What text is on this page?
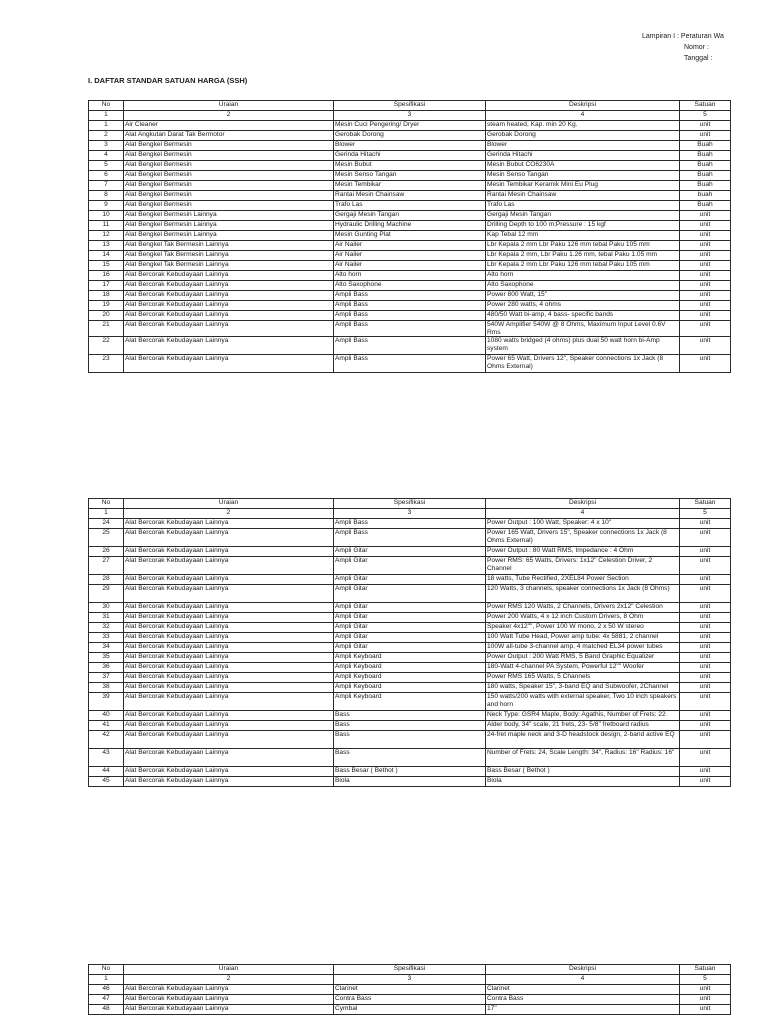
Lampiran I : Peraturan Wa
Nomor :
Tanggal :
I. DAFTAR STANDAR SATUAN HARGA (SSH)
No	Uraian	Spesifikasi	Deskripsi	Satuan
1	2	3	4	5
1	Air Cleaner	Mesin Cuci Pengering/ Dryer	steam heated, Kap. min 20 Kg.	unit
2	Alat Angkutan Darat Tak Bermotor	Gerobak Dorong	Gerobak Dorong	unit
3	Alat Bengkel Bermesin	Blower	Blower	Buah
4	Alat Bengkel Bermesin	Gerinda Hitachi	Gerinda Hitachi	Buah
5	Alat Bengkel Bermesin	Mesin Bubut	Mesin Bubut CO6230A	Buah
6	Alat Bengkel Bermesin	Mesin Senso Tangan	Mesin Senso Tangan	Buah
7	Alat Bengkel Bermesin	Mesin Tembikar	Mesin Tembikar Keramik Mini Eu Plug	Buah
8	Alat Bengkel Bermesin	Rantai Mesin Chainsaw	Rantai Mesin Chainsaw	buah
9	Alat Bengkel Bermesin	Trafo Las	Trafo Las	Buah
10	Alat Bengkel Bermesin Lainnya	Gergaji Mesin Tangan	Gergaji Mesin Tangan	unit
11	Alat Bengkel Bermesin Lainnya	Hydraulic Drilling Machine	Drilling Depth to 100 m;Pressure : 15 kgf	unit
12	Alat Bengkel Bermesin Lainnya	Mesin Gunting Plat	Kap Tebal 12 mm	unit
13	Alat Bengkel Tak Bermesin Lainnya	Air Nailer	Lbr Kepala 2 mm Lbr Paku 126 mm tebal Paku 105 mm	unit
14	Alat Bengkel Tak Bermesin Lainnya	Air Nailer	Lbr Kepala 2 mm, Lbr Paku 1.26 mm, tebal Paku 1.05 mm	unit
15	Alat Bengkel Tak Bermesin Lainnya	Air Nailer	Lbr Kepala 2 mm Lbr Paku 126 mm tebal Paku 105 mm	unit
16	Alat Bercorak Kebudayaan Lainnya	Alto horn	Alto horn	unit
17	Alat Bercorak Kebudayaan Lainnya	Alto Saxophone	Alto Saxophone	unit
18	Alat Bercorak Kebudayaan Lainnya	Ampli Bass	Power 800 Watt, 15"	unit
19	Alat Bercorak Kebudayaan Lainnya	Ampli Bass	Power 280 watts, 4 ohms	unit
20	Alat Bercorak Kebudayaan Lainnya	Ampli Bass	480/50 Watt bi-amp, 4 bass- specific bands	unit
21	Alat Bercorak Kebudayaan Lainnya	Ampli Bass	540W Amplifier 540W @ 8 Ohms, Maximum Input Level 0.6V Rms	unit
22	Alat Bercorak Kebudayaan Lainnya	Ampli Bass	1080 watts bridged (4 ohms) plus dual 50 watt horn bi-Amp system	unit
23	Alat Bercorak Kebudayaan Lainnya	Ampli Bass	Power 65 Watt, Drivers 12", Speaker connections 1x Jack (8 Ohms External)	unit
No	Uraian	Spesifikasi	Deskripsi	Satuan
1	2	3	4	5
24	Alat Bercorak Kebudayaan Lainnya	Ampli Bass	Power Output : 100 Watt, Speaker: 4 x 10"	unit
25	Alat Bercorak Kebudayaan Lainnya	Ampli Bass	Power 165 Watt, Drivers 15", Speaker connections 1x Jack (8 Ohms External)	unit
26	Alat Bercorak Kebudayaan Lainnya	Ampli Gitar	Power Output : 80 Watt RMS, Impedance : 4 Ohm	unit
27	Alat Bercorak Kebudayaan Lainnya	Ampli Gitar	Power RMS: 65 Watts, Drivers: 1x12" Celestion Driver, 2 Channel	unit
28	Alat Bercorak Kebudayaan Lainnya	Ampli Gitar	18 watts, Tube Rectified, 2XEL84 Power Section	unit
29	Alat Bercorak Kebudayaan Lainnya	Ampli Gitar	120 Watts, 3 channels, speaker connections 1x Jack (8 Ohms)	unit
30	Alat Bercorak Kebudayaan Lainnya	Ampli Gitar	Power RMS 120 Watts, 2 Channels, Drivers 2x12" Celestion	unit
31	Alat Bercorak Kebudayaan Lainnya	Ampli Gitar	Power 200 Watts, 4 x 12 inch Custom Drivers, 8 Ohm	unit
32	Alat Bercorak Kebudayaan Lainnya	Ampli Gitar	Speaker 4x12"", Power 100 W mono, 2 x 50 W stereo	unit
33	Alat Bercorak Kebudayaan Lainnya	Ampli Gitar	100 Watt Tube Head, Power amp tube: 4x 5881, 2 channel	unit
34	Alat Bercorak Kebudayaan Lainnya	Ampli Gitar	100W all-tube 3-channel amp, 4 matched EL34 power tubes	unit
35	Alat Bercorak Kebudayaan Lainnya	Ampli Keyboard	Power Output : 200 Watt RMS, 5 Band Graphic Equalizer	unit
36	Alat Bercorak Kebudayaan Lainnya	Ampli Keyboard	180-Watt 4-channel PA System, Powerful 12"" Woofer	unit
37	Alat Bercorak Kebudayaan Lainnya	Ampli Keyboard	Power RMS 165 Watts, 5 Channels	unit
38	Alat Bercorak Kebudayaan Lainnya	Ampli Keyboard	180 watts, Speaker 15", 3-band EQ and Subwoofer, 2Channel	unit
39	Alat Bercorak Kebudayaan Lainnya	Ampli Keyboard	150 watts/200 watts with external speaker, Two 10 inch speakers and horn	unit
40	Alat Bercorak Kebudayaan Lainnya	Bass	Neck Type: GSR4 Maple, Body: Agathis, Number of Frets: 22	unit
41	Alat Bercorak Kebudayaan Lainnya	Bass	Alder body, 34" scale, 21 frets, 23- 5/8" fretboard radius	unit
42	Alat Bercorak Kebudayaan Lainnya	Bass	24-fret maple neck and 3-D headstock design, 2-band active EQ	unit
43	Alat Bercorak Kebudayaan Lainnya	Bass	Number of Frets: 24, Scale Length: 34", Radius: 16" Radius: 16"	unit
44	Alat Bercorak Kebudayaan Lainnya	Bass Besar ( Bethot )	Bass Besar ( Bethot )	unit
45	Alat Bercorak Kebudayaan Lainnya	Biola	Biola	unit
No	Uraian	Spesifikasi	Deskripsi	Satuan
1	2	3	4	5
46	Alat Bercorak Kebudayaan Lainnya	Clarinet	Clarinet	unit
47	Alat Bercorak Kebudayaan Lainnya	Contra Bass	Contra Bass	unit
48	Alat Bercorak Kebudayaan Lainnya	Cymbal	17"	unit
